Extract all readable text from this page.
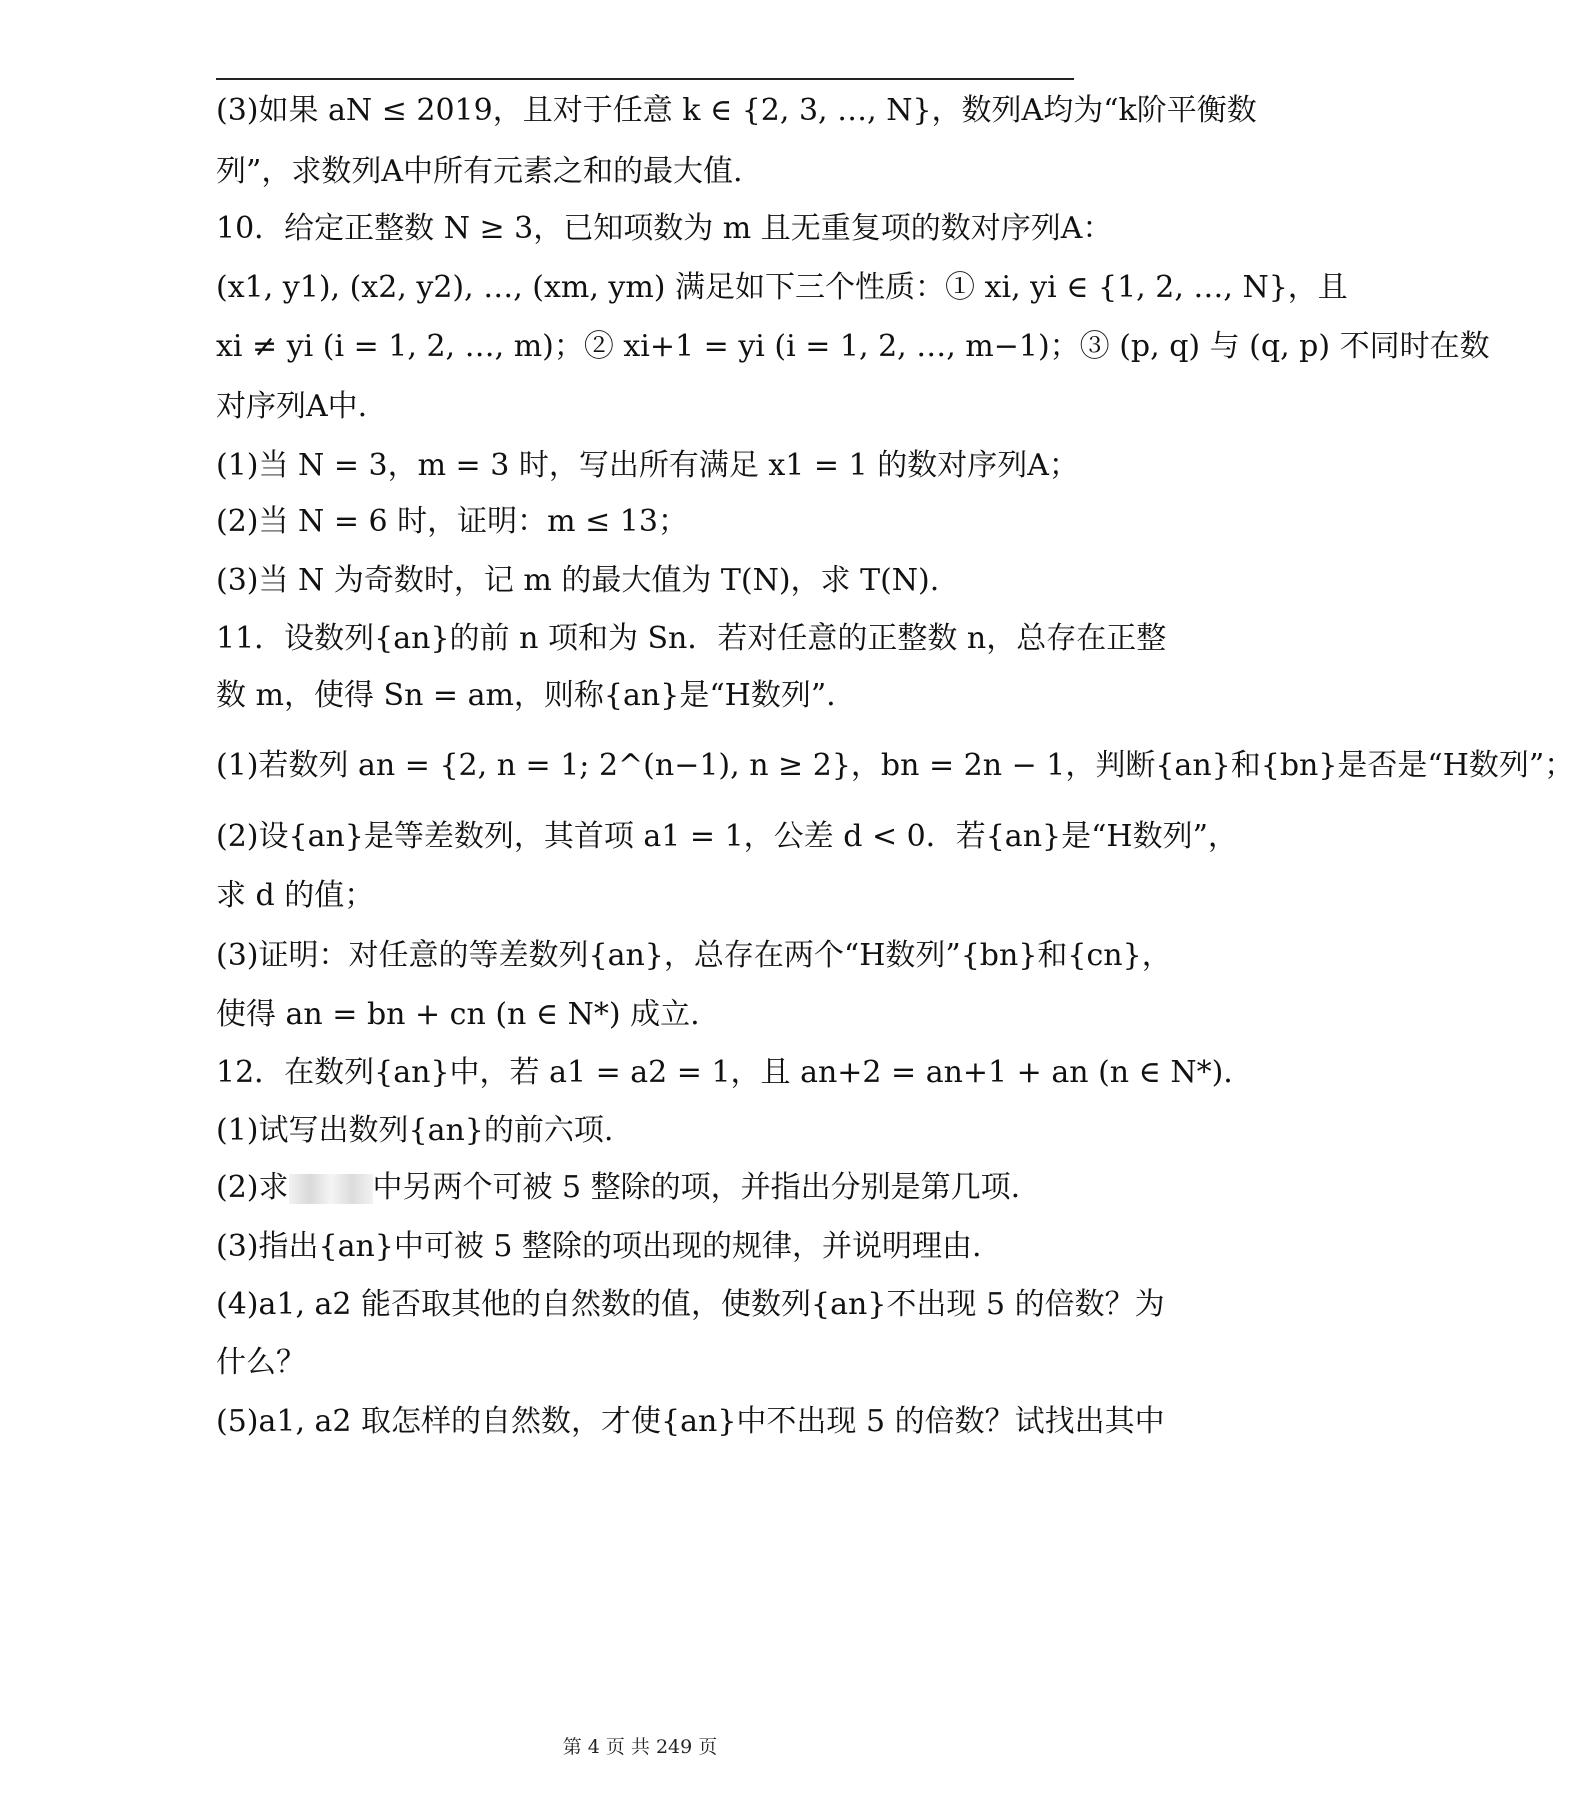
(3)如果 aN ≤ 2019，且对于任意 k ∈ {2, 3, …, N}，数列A均为“k阶平衡数
列”，求数列A中所有元素之和的最大值.
10．给定正整数 N ≥ 3，已知项数为 m 且无重复项的数对序列A：
(x1, y1), (x2, y2), …, (xm, ym) 满足如下三个性质：① xi, yi ∈ {1, 2, …, N}，且
xi ≠ yi (i = 1, 2, …, m)；② xi+1 = yi (i = 1, 2, …, m−1)；③ (p, q) 与 (q, p) 不同时在数
对序列A中.
(1)当 N = 3，m = 3 时，写出所有满足 x1 = 1 的数对序列A；
(2)当 N = 6 时，证明：m ≤ 13；
(3)当 N 为奇数时，记 m 的最大值为 T(N)，求 T(N).
11．设数列{an}的前 n 项和为 Sn．若对任意的正整数 n，总存在正整
数 m，使得 Sn = am，则称{an}是“H数列”.
(1)若数列 an = {2, n = 1; 2^(n−1), n ≥ 2}，bn = 2n − 1，判断{an}和{bn}是否是“H数列”；
(2)设{an}是等差数列，其首项 a1 = 1，公差 d < 0．若{an}是“H数列”，
求 d 的值；
(3)证明：对任意的等差数列{an}，总存在两个“H数列”{bn}和{cn}，
使得 an = bn + cn (n ∈ N*) 成立.
12．在数列{an}中，若 a1 = a2 = 1，且 an+2 = an+1 + an (n ∈ N*)．
(1)试写出数列{an}的前六项.
(2)求	中另两个可被 5 整除的项，并指出分别是第几项.
(3)指出{an}中可被 5 整除的项出现的规律，并说明理由.
(4)a1, a2 能否取其他的自然数的值，使数列{an}不出现 5 的倍数？为
什么？
(5)a1, a2 取怎样的自然数，才使{an}中不出现 5 的倍数？试找出其中
第 4 页 共 249 页
